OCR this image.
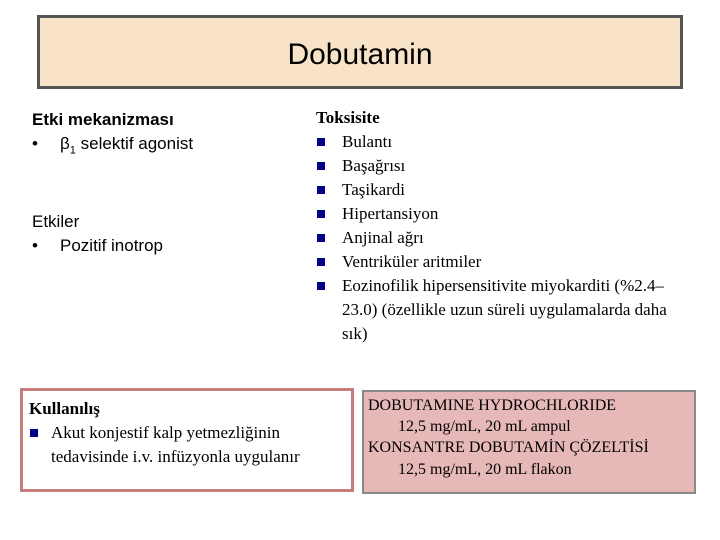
Dobutamin
Etki mekanizması
• $\beta_1$ selektif agonist
Etkiler
• Pozitif inotrop
Toksisite
Bulantı
Başağrısı
Taşikardi
Hipertansiyon
Anjinal ağrı
Ventriküler aritmiler
Eozinofilik hipersensitivite miyokarditi (%2.4–23.0) (özellikle uzun süreli uygulamalarda daha sık)
Kullanılış
Akut konjestif kalp yetmezliğinin tedavisinde i.v. infüzyonla uygulanır
DOBUTAMINE HYDROCHLORIDE
12,5 mg/mL, 20 mL ampul
KONSANTRE DOBUTAMİN ÇÖZELTİSİ
12,5 mg/mL, 20 mL flakon
